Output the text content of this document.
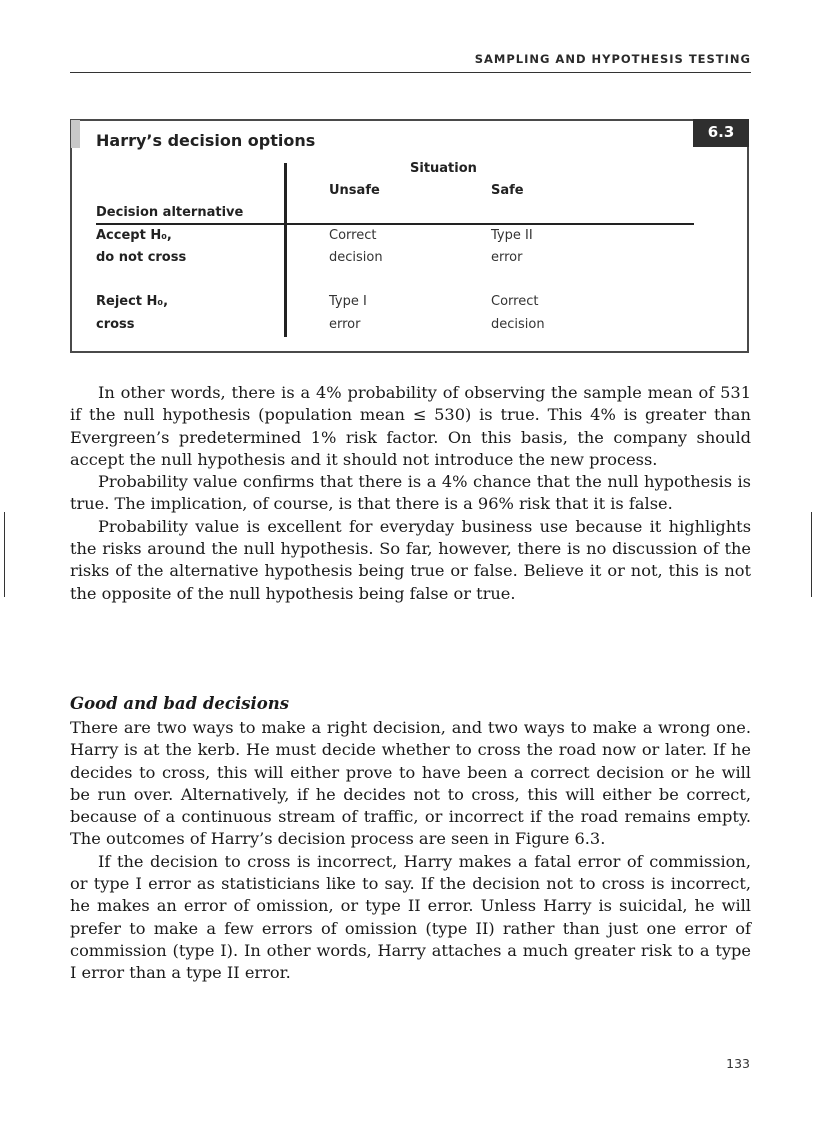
SAMPLING AND HYPOTHESIS TESTING
Harry’s decision options	6.3
Situation
Unsafe	Safe
Decision alternative
Accept H₀,
do not cross
Correct
decision
Type II
error
Reject H₀,
cross
Type I
error
Correct
decision

In other words, there is a 4% probability of observing the sample mean of 531 if the null hypothesis (population mean ≤ 530) is true. This 4% is greater than Evergreen’s predetermined 1% risk factor. On this basis, the company should accept the null hypothesis and it should not introduce the new process.

Probability value confirms that there is a 4% chance that the null hypothesis is true. The implication, of course, is that there is a 96% risk that it is false.

Probability value is excellent for everyday business use because it highlights the risks around the null hypothesis. So far, however, there is no discussion of the risks of the alternative hypothesis being true or false. Believe it or not, this is not the opposite of the null hypothesis being false or true.

Good and bad decisions

There are two ways to make a right decision, and two ways to make a wrong one. Harry is at the kerb. He must decide whether to cross the road now or later. If he decides to cross, this will either prove to have been a correct decision or he will be run over. Alternatively, if he decides not to cross, this will either be correct, because of a continuous stream of traffic, or incorrect if the road remains empty. The outcomes of Harry’s decision process are seen in Figure 6.3.

If the decision to cross is incorrect, Harry makes a fatal error of commission, or type I error as statisticians like to say. If the decision not to cross is incorrect, he makes an error of omission, or type II error. Unless Harry is suicidal, he will prefer to make a few errors of omission (type II) rather than just one error of commission (type I). In other words, Harry attaches a much greater risk to a type I error than a type II error.

133
